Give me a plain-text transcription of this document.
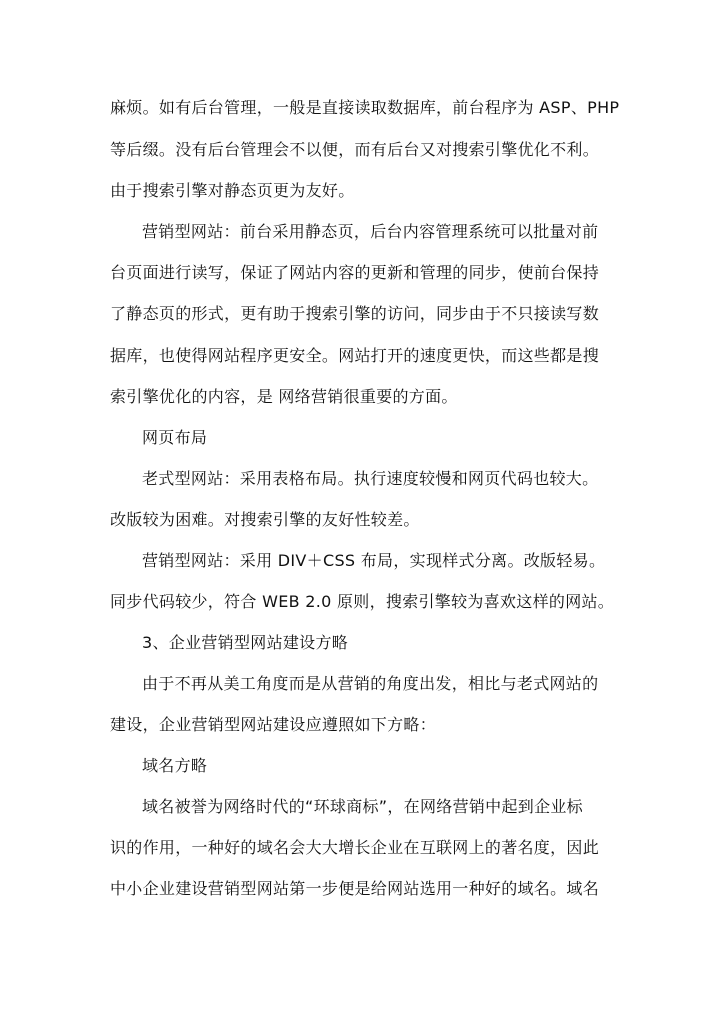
麻烦。如有后台管理，一般是直接读取数据库，前台程序为 ASP、PHP
等后缀。没有后台管理会不以便，而有后台又对搜索引擎优化不利。
由于搜索引擎对静态页更为友好。
营销型网站：前台采用静态页，后台内容管理系统可以批量对前
台页面进行读写，保证了网站内容的更新和管理的同步，使前台保持
了静态页的形式，更有助于搜索引擎的访问，同步由于不只接读写数
据库，也使得网站程序更安全。网站打开的速度更快，而这些都是搜
索引擎优化的内容，是 网络营销很重要的方面。
网页布局
老式型网站：采用表格布局。执行速度较慢和网页代码也较大。
改版较为困难。对搜索引擎的友好性较差。
营销型网站：采用 DIV＋CSS 布局，实现样式分离。改版轻易。
同步代码较少，符合 WEB 2.0 原则，搜索引擎较为喜欢这样的网站。
3、企业营销型网站建设方略
由于不再从美工角度而是从营销的角度出发，相比与老式网站的
建设，企业营销型网站建设应遵照如下方略：
域名方略
域名被誉为网络时代的“环球商标”，在网络营销中起到企业标
识的作用，一种好的域名会大大增长企业在互联网上的著名度，因此
中小企业建设营销型网站第一步便是给网站选用一种好的域名。域名
